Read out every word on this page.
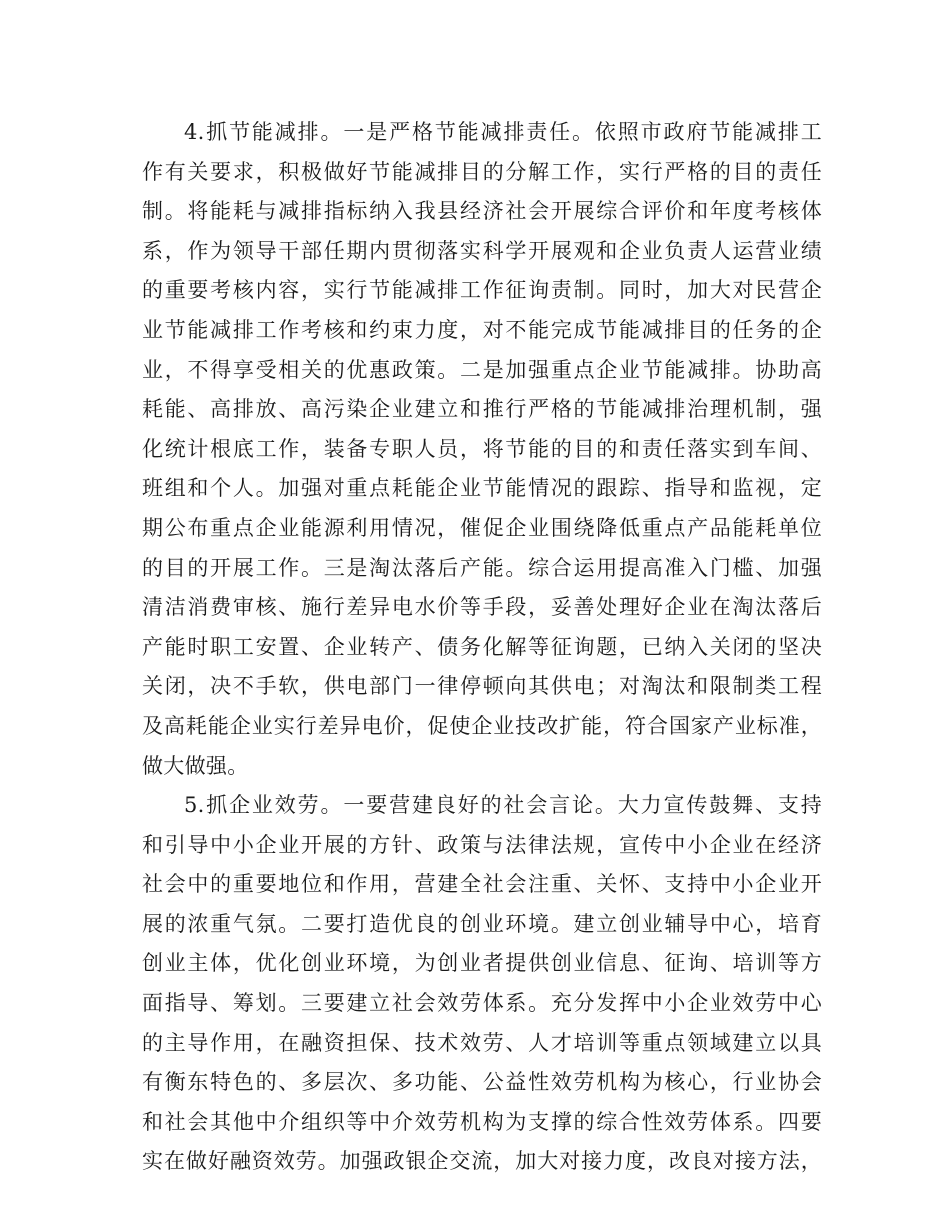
4.抓节能减排。一是严格节能减排责任。依照市政府节能减排工
作有关要求，积极做好节能减排目的分解工作，实行严格的目的责任
制。将能耗与减排指标纳入我县经济社会开展综合评价和年度考核体
系，作为领导干部任期内贯彻落实科学开展观和企业负责人运营业绩
的重要考核内容，实行节能减排工作征询责制。同时，加大对民营企
业节能减排工作考核和约束力度，对不能完成节能减排目的任务的企
业，不得享受相关的优惠政策。二是加强重点企业节能减排。协助高
耗能、高排放、高污染企业建立和推行严格的节能减排治理机制，强
化统计根底工作，装备专职人员，将节能的目的和责任落实到车间、
班组和个人。加强对重点耗能企业节能情况的跟踪、指导和监视，定
期公布重点企业能源利用情况，催促企业围绕降低重点产品能耗单位
的目的开展工作。三是淘汰落后产能。综合运用提高准入门槛、加强
清洁消费审核、施行差异电水价等手段，妥善处理好企业在淘汰落后
产能时职工安置、企业转产、债务化解等征询题，已纳入关闭的坚决
关闭，决不手软，供电部门一律停顿向其供电；对淘汰和限制类工程
及高耗能企业实行差异电价，促使企业技改扩能，符合国家产业标准，
做大做强。
5.抓企业效劳。一要营建良好的社会言论。大力宣传鼓舞、支持
和引导中小企业开展的方针、政策与法律法规，宣传中小企业在经济
社会中的重要地位和作用，营建全社会注重、关怀、支持中小企业开
展的浓重气氛。二要打造优良的创业环境。建立创业辅导中心，培育
创业主体，优化创业环境，为创业者提供创业信息、征询、培训等方
面指导、筹划。三要建立社会效劳体系。充分发挥中小企业效劳中心
的主导作用，在融资担保、技术效劳、人才培训等重点领域建立以具
有衡东特色的、多层次、多功能、公益性效劳机构为核心，行业协会
和社会其他中介组织等中介效劳机构为支撑的综合性效劳体系。四要
实在做好融资效劳。加强政银企交流，加大对接力度，改良对接方法，
